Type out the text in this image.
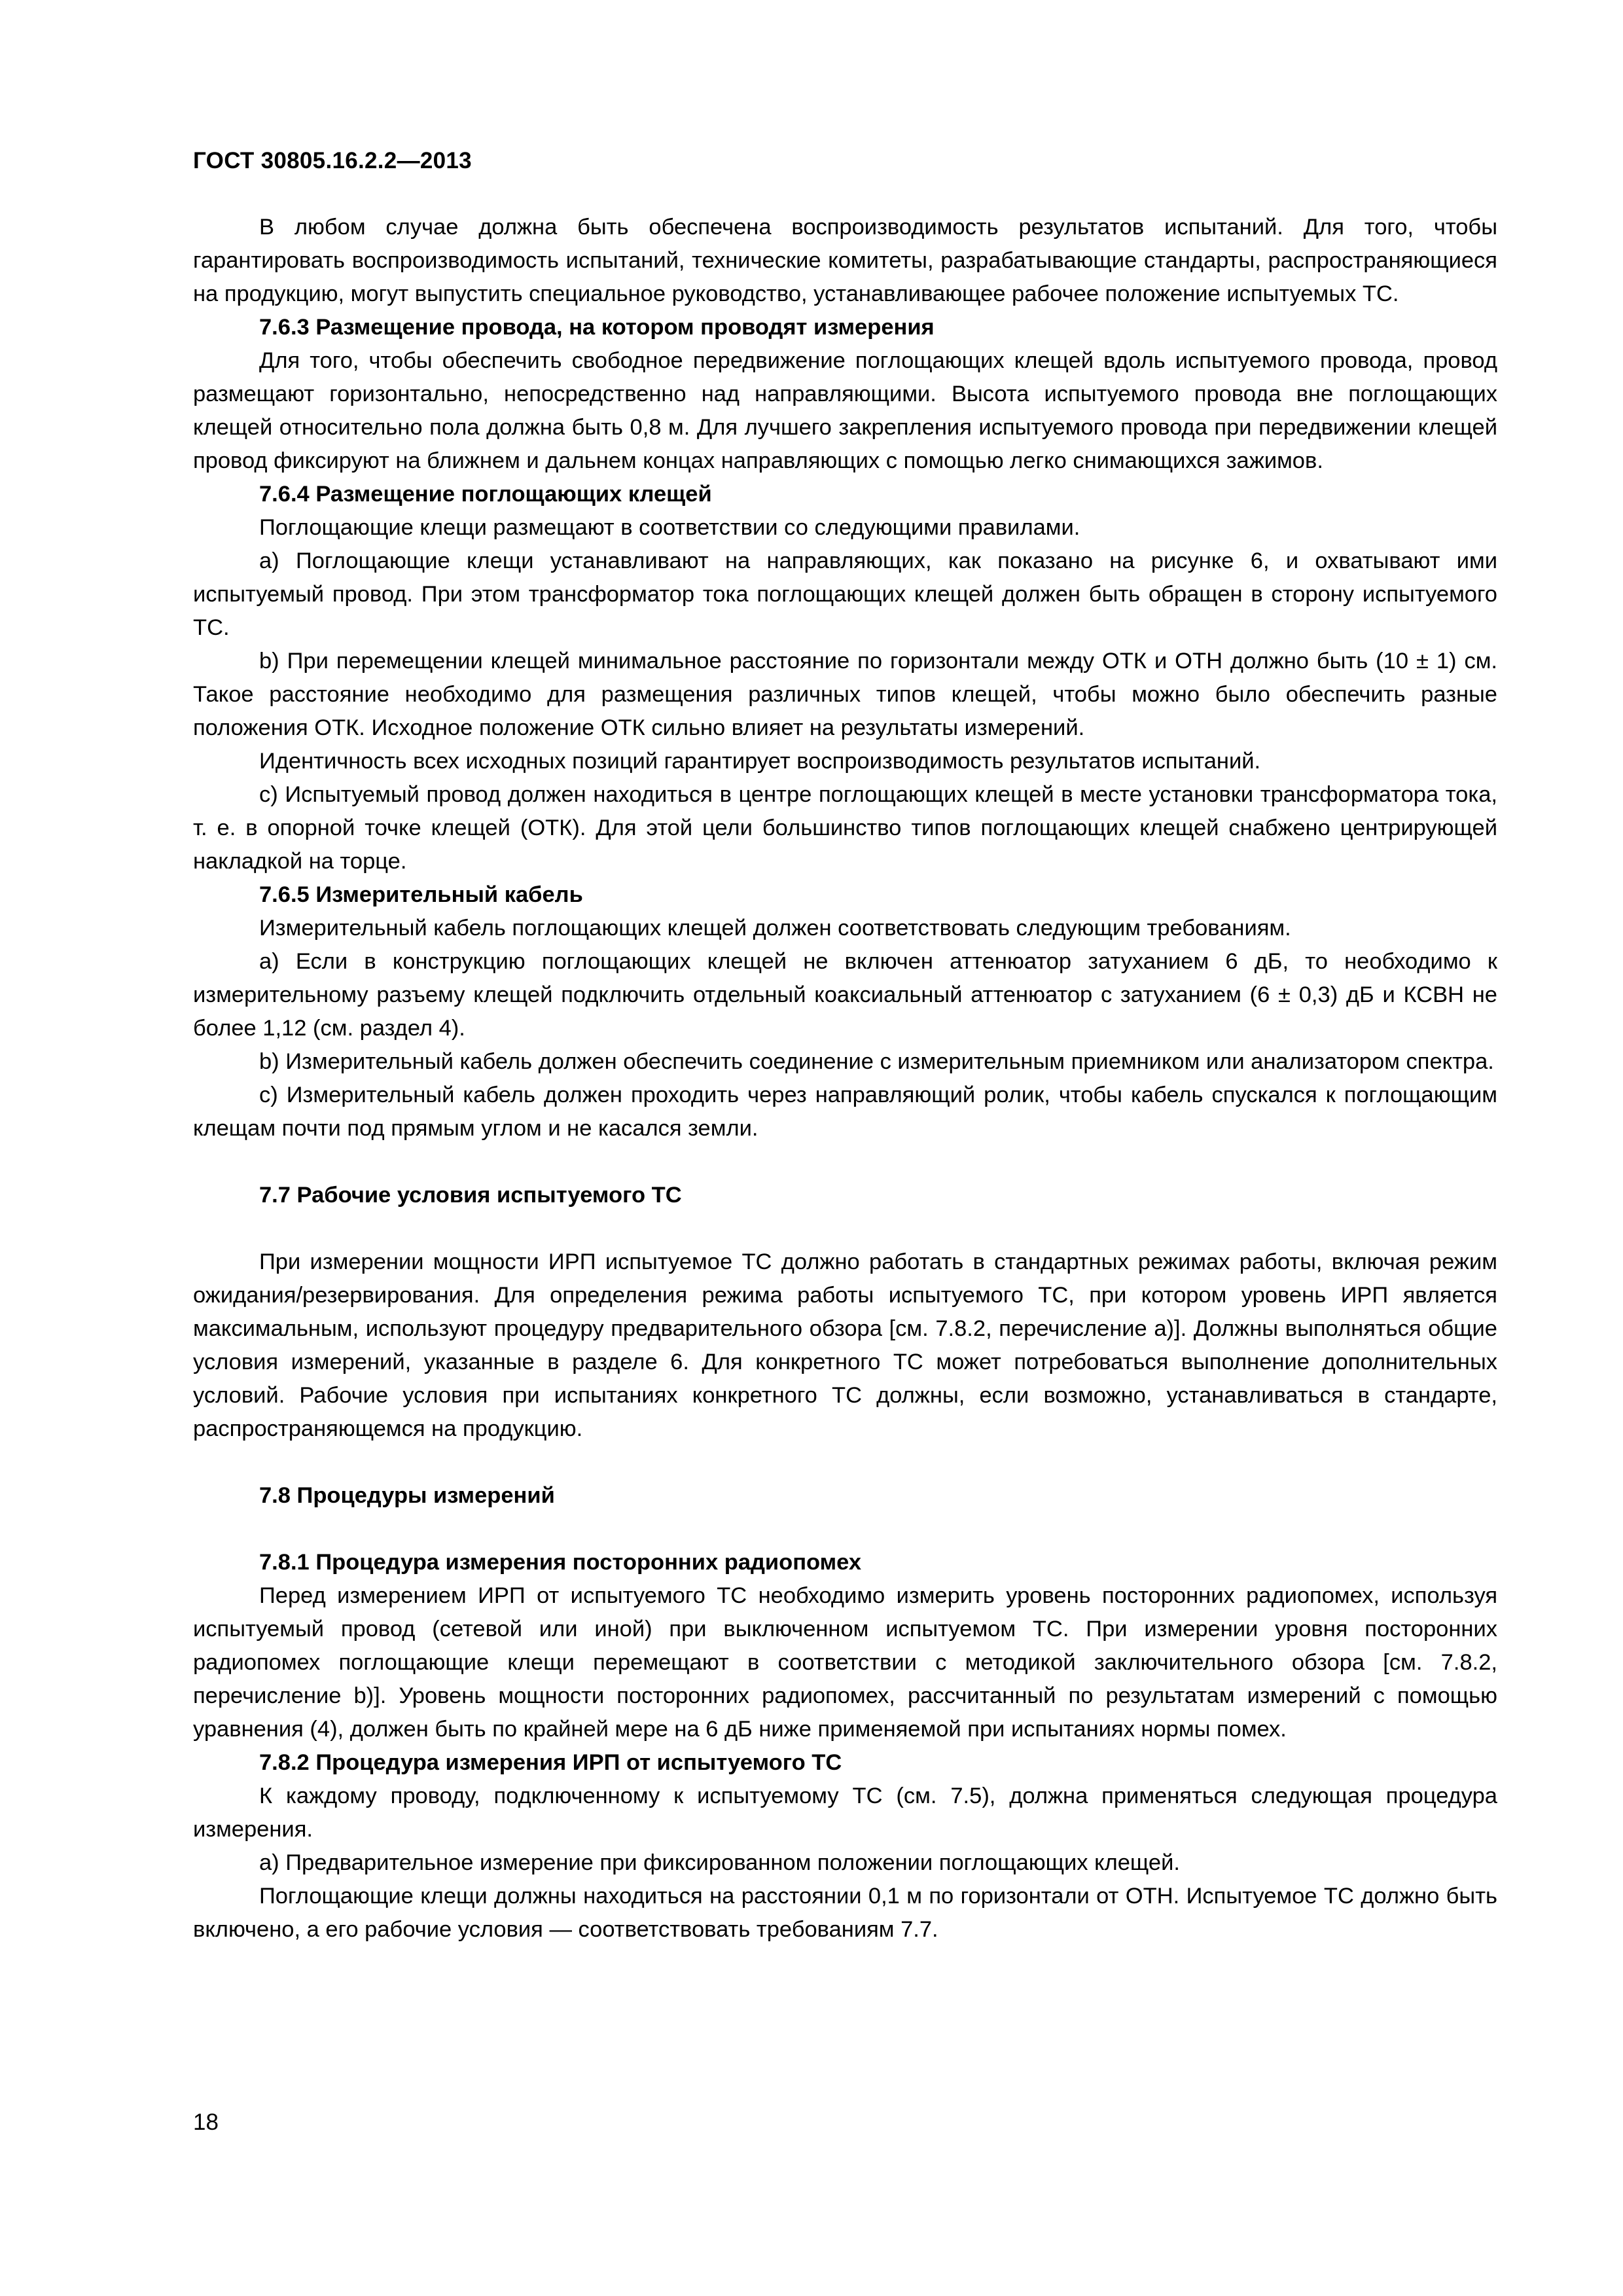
ГОСТ 30805.16.2.2—2013

В любом случае должна быть обеспечена воспроизводимость результатов испытаний. Для того, чтобы гарантировать воспроизводимость испытаний, технические комитеты, разрабатывающие стандарты, распространяющиеся на продукцию, могут выпустить специальное руководство, устанавливающее рабочее положение испытуемых ТС.

7.6.3 Размещение провода, на котором проводят измерения

Для того, чтобы обеспечить свободное передвижение поглощающих клещей вдоль испытуемого провода, провод размещают горизонтально, непосредственно над направляющими. Высота испытуемого провода вне поглощающих клещей относительно пола должна быть 0,8 м. Для лучшего закрепления испытуемого провода при передвижении клещей провод фиксируют на ближнем и дальнем концах направляющих с помощью легко снимающихся зажимов.

7.6.4 Размещение поглощающих клещей

Поглощающие клещи размещают в соответствии со следующими правилами.

a) Поглощающие клещи устанавливают на направляющих, как показано на рисунке 6, и охватывают ими испытуемый провод. При этом трансформатор тока поглощающих клещей должен быть обращен в сторону испытуемого ТС.

b) При перемещении клещей минимальное расстояние по горизонтали между ОТК и ОТН должно быть (10 ± 1) см. Такое расстояние необходимо для размещения различных типов клещей, чтобы можно было обеспечить разные положения ОТК. Исходное положение ОТК сильно влияет на результаты измерений.

Идентичность всех исходных позиций гарантирует воспроизводимость результатов испытаний.

c) Испытуемый провод должен находиться в центре поглощающих клещей в месте установки трансформатора тока, т. е. в опорной точке клещей (ОТК). Для этой цели большинство типов поглощающих клещей снабжено центрирующей накладкой на торце.

7.6.5 Измерительный кабель

Измерительный кабель поглощающих клещей должен соответствовать следующим требованиям.

a) Если в конструкцию поглощающих клещей не включен аттенюатор затуханием 6 дБ, то необходимо к измерительному разъему клещей подключить отдельный коаксиальный аттенюатор с затуханием (6 ± 0,3) дБ и КСВН не более 1,12 (см. раздел 4).

b) Измерительный кабель должен обеспечить соединение с измерительным приемником или анализатором спектра.

c) Измерительный кабель должен проходить через направляющий ролик, чтобы кабель спускался к поглощающим клещам почти под прямым углом и не касался земли.

7.7 Рабочие условия испытуемого ТС

При измерении мощности ИРП испытуемое ТС должно работать в стандартных режимах работы, включая режим ожидания/резервирования. Для определения режима работы испытуемого ТС, при котором уровень ИРП является максимальным, используют процедуру предварительного обзора [см. 7.8.2, перечисление а)]. Должны выполняться общие условия измерений, указанные в разделе 6. Для конкретного ТС может потребоваться выполнение дополнительных условий. Рабочие условия при испытаниях конкретного ТС должны, если возможно, устанавливаться в стандарте, распространяющемся на продукцию.

7.8 Процедуры измерений

7.8.1 Процедура измерения посторонних радиопомех

Перед измерением ИРП от испытуемого ТС необходимо измерить уровень посторонних радиопомех, используя испытуемый провод (сетевой или иной) при выключенном испытуемом ТС. При измерении уровня посторонних радиопомех поглощающие клещи перемещают в соответствии с методикой заключительного обзора [см. 7.8.2, перечисление b)]. Уровень мощности посторонних радиопомех, рассчитанный по результатам измерений с помощью уравнения (4), должен быть по крайней мере на 6 дБ ниже применяемой при испытаниях нормы помех.

7.8.2 Процедура измерения ИРП от испытуемого ТС

К каждому проводу, подключенному к испытуемому ТС (см. 7.5), должна применяться следующая процедура измерения.

a) Предварительное измерение при фиксированном положении поглощающих клещей.

Поглощающие клещи должны находиться на расстоянии 0,1 м по горизонтали от ОТН. Испытуемое ТС должно быть включено, а его рабочие условия — соответствовать требованиям 7.7.

18
